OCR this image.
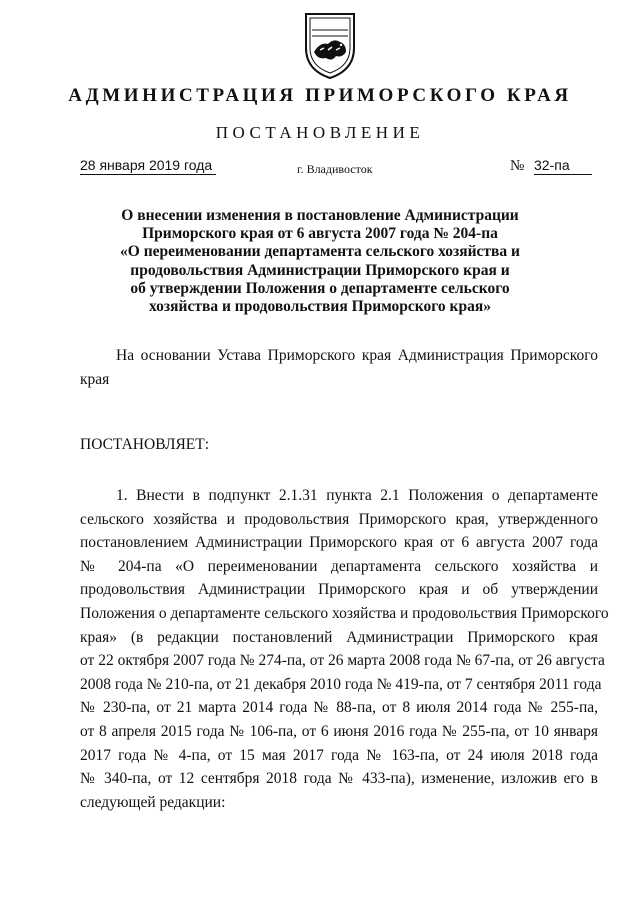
АДМИНИСТРАЦИЯ ПРИМОРСКОГО КРАЯ
ПОСТАНОВЛЕНИЕ
28 января 2019 года	г. Владивосток	№ 32-па
О внесении изменения в постановление Администрации
Приморского края от 6 августа 2007 года № 204-па
«О переименовании департамента сельского хозяйства и
продовольствия Администрации Приморского края и
об утверждении Положения о департаменте сельского
хозяйства и продовольствия Приморского края»
На основании Устава Приморского края Администрация Приморского
края
ПОСТАНОВЛЯЕТ:
1. Внести в подпункт 2.1.31 пункта 2.1 Положения о департаменте
сельского хозяйства и продовольствия Приморского края, утвержденного
постановлением Администрации Приморского края от 6 августа 2007 года
№ 204-па «О переименовании департамента сельского хозяйства и
продовольствия Администрации Приморского края и об утверждении
Положения о департаменте сельского хозяйства и продовольствия Приморского
края» (в редакции постановлений Администрации Приморского края
от 22 октября 2007 года № 274-па, от 26 марта 2008 года № 67-па, от 26 августа
2008 года № 210-па, от 21 декабря 2010 года № 419-па, от 7 сентября 2011 года
№ 230-па, от 21 марта 2014 года № 88-па, от 8 июля 2014 года № 255-па,
от 8 апреля 2015 года № 106-па, от 6 июня 2016 года № 255-па, от 10 января
2017 года № 4-па, от 15 мая 2017 года № 163-па, от 24 июля 2018 года
№ 340-па, от 12 сентября 2018 года № 433-па), изменение, изложив его в
следующей редакции:
